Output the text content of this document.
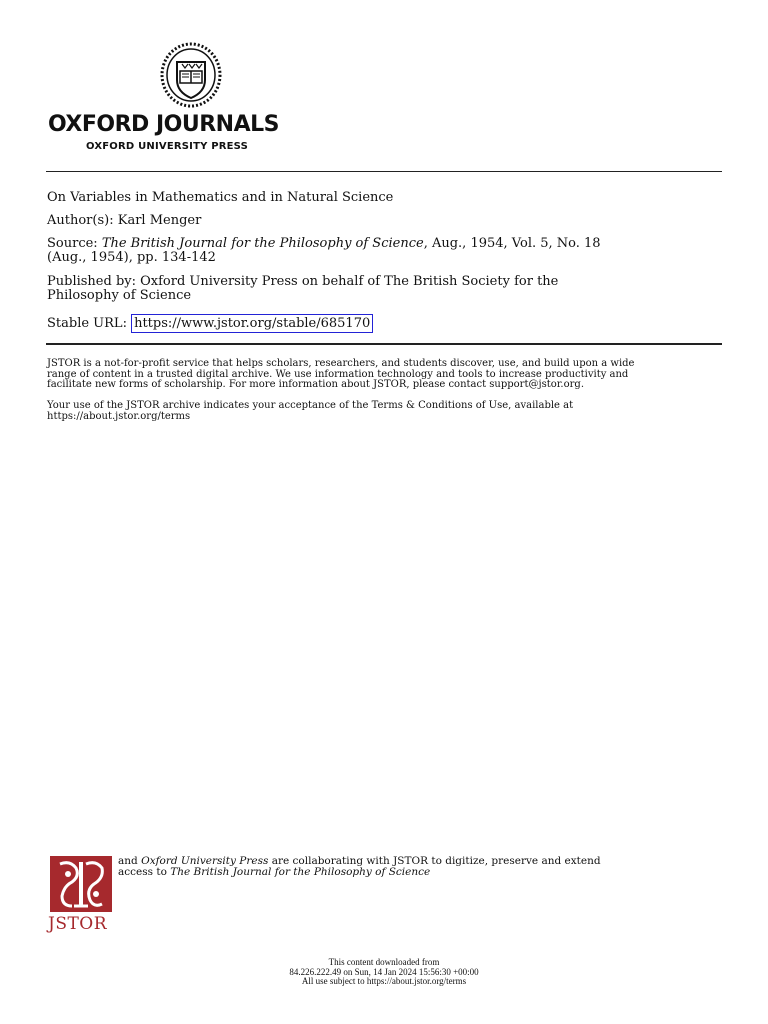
OXFORD JOURNALS
OXFORD UNIVERSITY PRESS
On Variables in Mathematics and in Natural Science
Author(s): Karl Menger
Source: The British Journal for the Philosophy of Science, Aug., 1954, Vol. 5, No. 18
(Aug., 1954), pp. 134-142
Published by: Oxford University Press on behalf of The British Society for the
Philosophy of Science
Stable URL: https://www.jstor.org/stable/685170
JSTOR is a not-for-profit service that helps scholars, researchers, and students discover, use, and build upon a wide
range of content in a trusted digital archive. We use information technology and tools to increase productivity and
facilitate new forms of scholarship. For more information about JSTOR, please contact support@jstor.org.
Your use of the JSTOR archive indicates your acceptance of the Terms & Conditions of Use, available at
https://about.jstor.org/terms
JSTOR
and Oxford University Press are collaborating with JSTOR to digitize, preserve and extend
access to The British Journal for the Philosophy of Science
This content downloaded from
84.226.222.49 on Sun, 14 Jan 2024 15:56:30 +00:00
All use subject to https://about.jstor.org/terms
